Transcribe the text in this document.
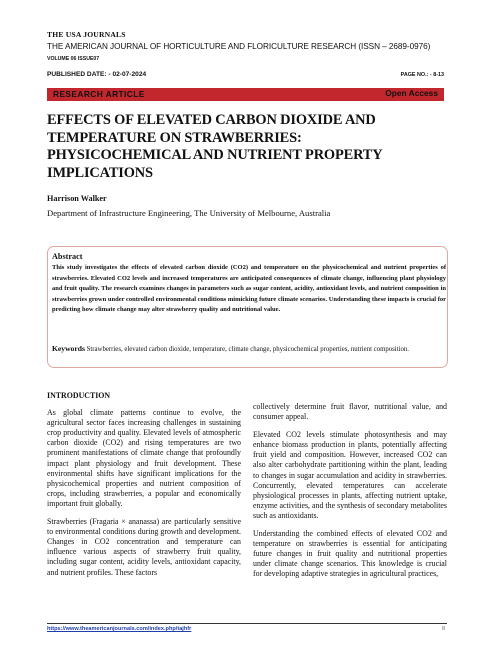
THE USA JOURNALS
THE AMERICAN JOURNAL OF HORTICULTURE AND FLORICULTURE RESEARCH (ISSN – 2689-0976)
VOLUME 06 ISSUE07
PUBLISHED DATE: - 02-07-2024	PAGE NO.: - 8-13
RESEARCH ARTICLE	Open Access
EFFECTS OF ELEVATED CARBON DIOXIDE AND TEMPERATURE ON STRAWBERRIES: PHYSICOCHEMICAL AND NUTRIENT PROPERTY IMPLICATIONS
Harrison Walker
Department of Infrastructure Engineering, The University of Melbourne, Australia
Abstract
This study investigates the effects of elevated carbon dioxide (CO2) and temperature on the physicochemical and nutrient properties of strawberries. Elevated CO2 levels and increased temperatures are anticipated consequences of climate change, influencing plant physiology and fruit quality. The research examines changes in parameters such as sugar content, acidity, antioxidant levels, and nutrient composition in strawberries grown under controlled environmental conditions mimicking future climate scenarios. Understanding these impacts is crucial for predicting how climate change may alter strawberry quality and nutritional value.
Keywords Strawberries, elevated carbon dioxide, temperature, climate change, physicochemical properties, nutrient composition.
INTRODUCTION

As global climate patterns continue to evolve, the agricultural sector faces increasing challenges in sustaining crop productivity and quality. Elevated levels of atmospheric carbon dioxide (CO2) and rising temperatures are two prominent manifestations of climate change that profoundly impact plant physiology and fruit development. These environmental shifts have significant implications for the physicochemical properties and nutrient composition of crops, including strawberries, a popular and economically important fruit globally.

Strawberries (Fragaria × ananassa) are particularly sensitive to environmental conditions during growth and development. Changes in CO2 concentration and temperature can influence various aspects of strawberry fruit quality, including sugar content, acidity levels, antioxidant capacity, and nutrient profiles. These factors

collectively determine fruit flavor, nutritional value, and consumer appeal.

Elevated CO2 levels stimulate photosynthesis and may enhance biomass production in plants, potentially affecting fruit yield and composition. However, increased CO2 can also alter carbohydrate partitioning within the plant, leading to changes in sugar accumulation and acidity in strawberries. Concurrently, elevated temperatures can accelerate physiological processes in plants, affecting nutrient uptake, enzyme activities, and the synthesis of secondary metabolites such as antioxidants.

Understanding the combined effects of elevated CO2 and temperature on strawberries is essential for anticipating future changes in fruit quality and nutritional properties under climate change scenarios. This knowledge is crucial for developing adaptive strategies in agricultural practices,

https://www.theamericanjournals.com/index.php/tajhfr	8
